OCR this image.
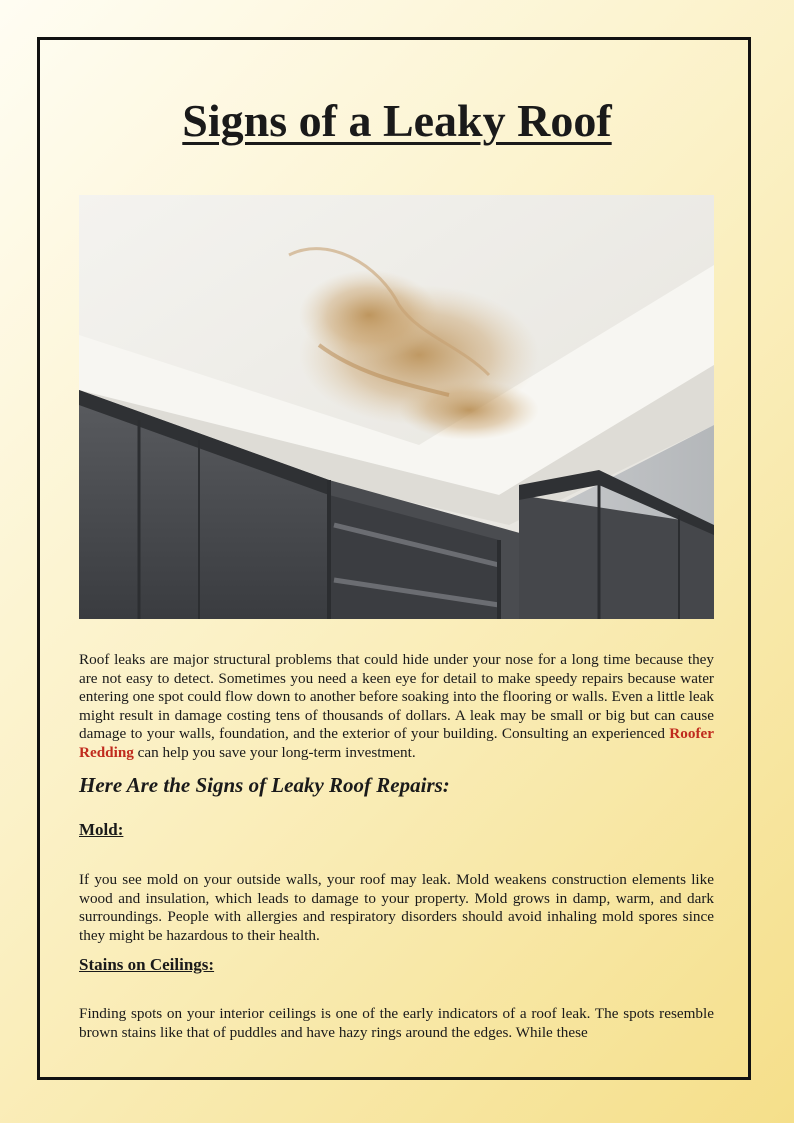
Signs of a Leaky Roof

Roof leaks are major structural problems that could hide under your nose for a long time because they are not easy to detect. Sometimes you need a keen eye for detail to make speedy repairs because water entering one spot could flow down to another before soaking into the flooring or walls. Even a little leak might result in damage costing tens of thousands of dollars. A leak may be small or big but can cause damage to your walls, foundation, and the exterior of your building. Consulting an experienced Roofer Redding can help you save your long-term investment.

Here Are the Signs of Leaky Roof Repairs:
Mold:

If you see mold on your outside walls, your roof may leak. Mold weakens construction elements like wood and insulation, which leads to damage to your property. Mold grows in damp, warm, and dark surroundings. People with allergies and respiratory disorders should avoid inhaling mold spores since they might be hazardous to their health.

Stains on Ceilings:

Finding spots on your interior ceilings is one of the early indicators of a roof leak. The spots resemble brown stains like that of puddles and have hazy rings around the edges. While these
